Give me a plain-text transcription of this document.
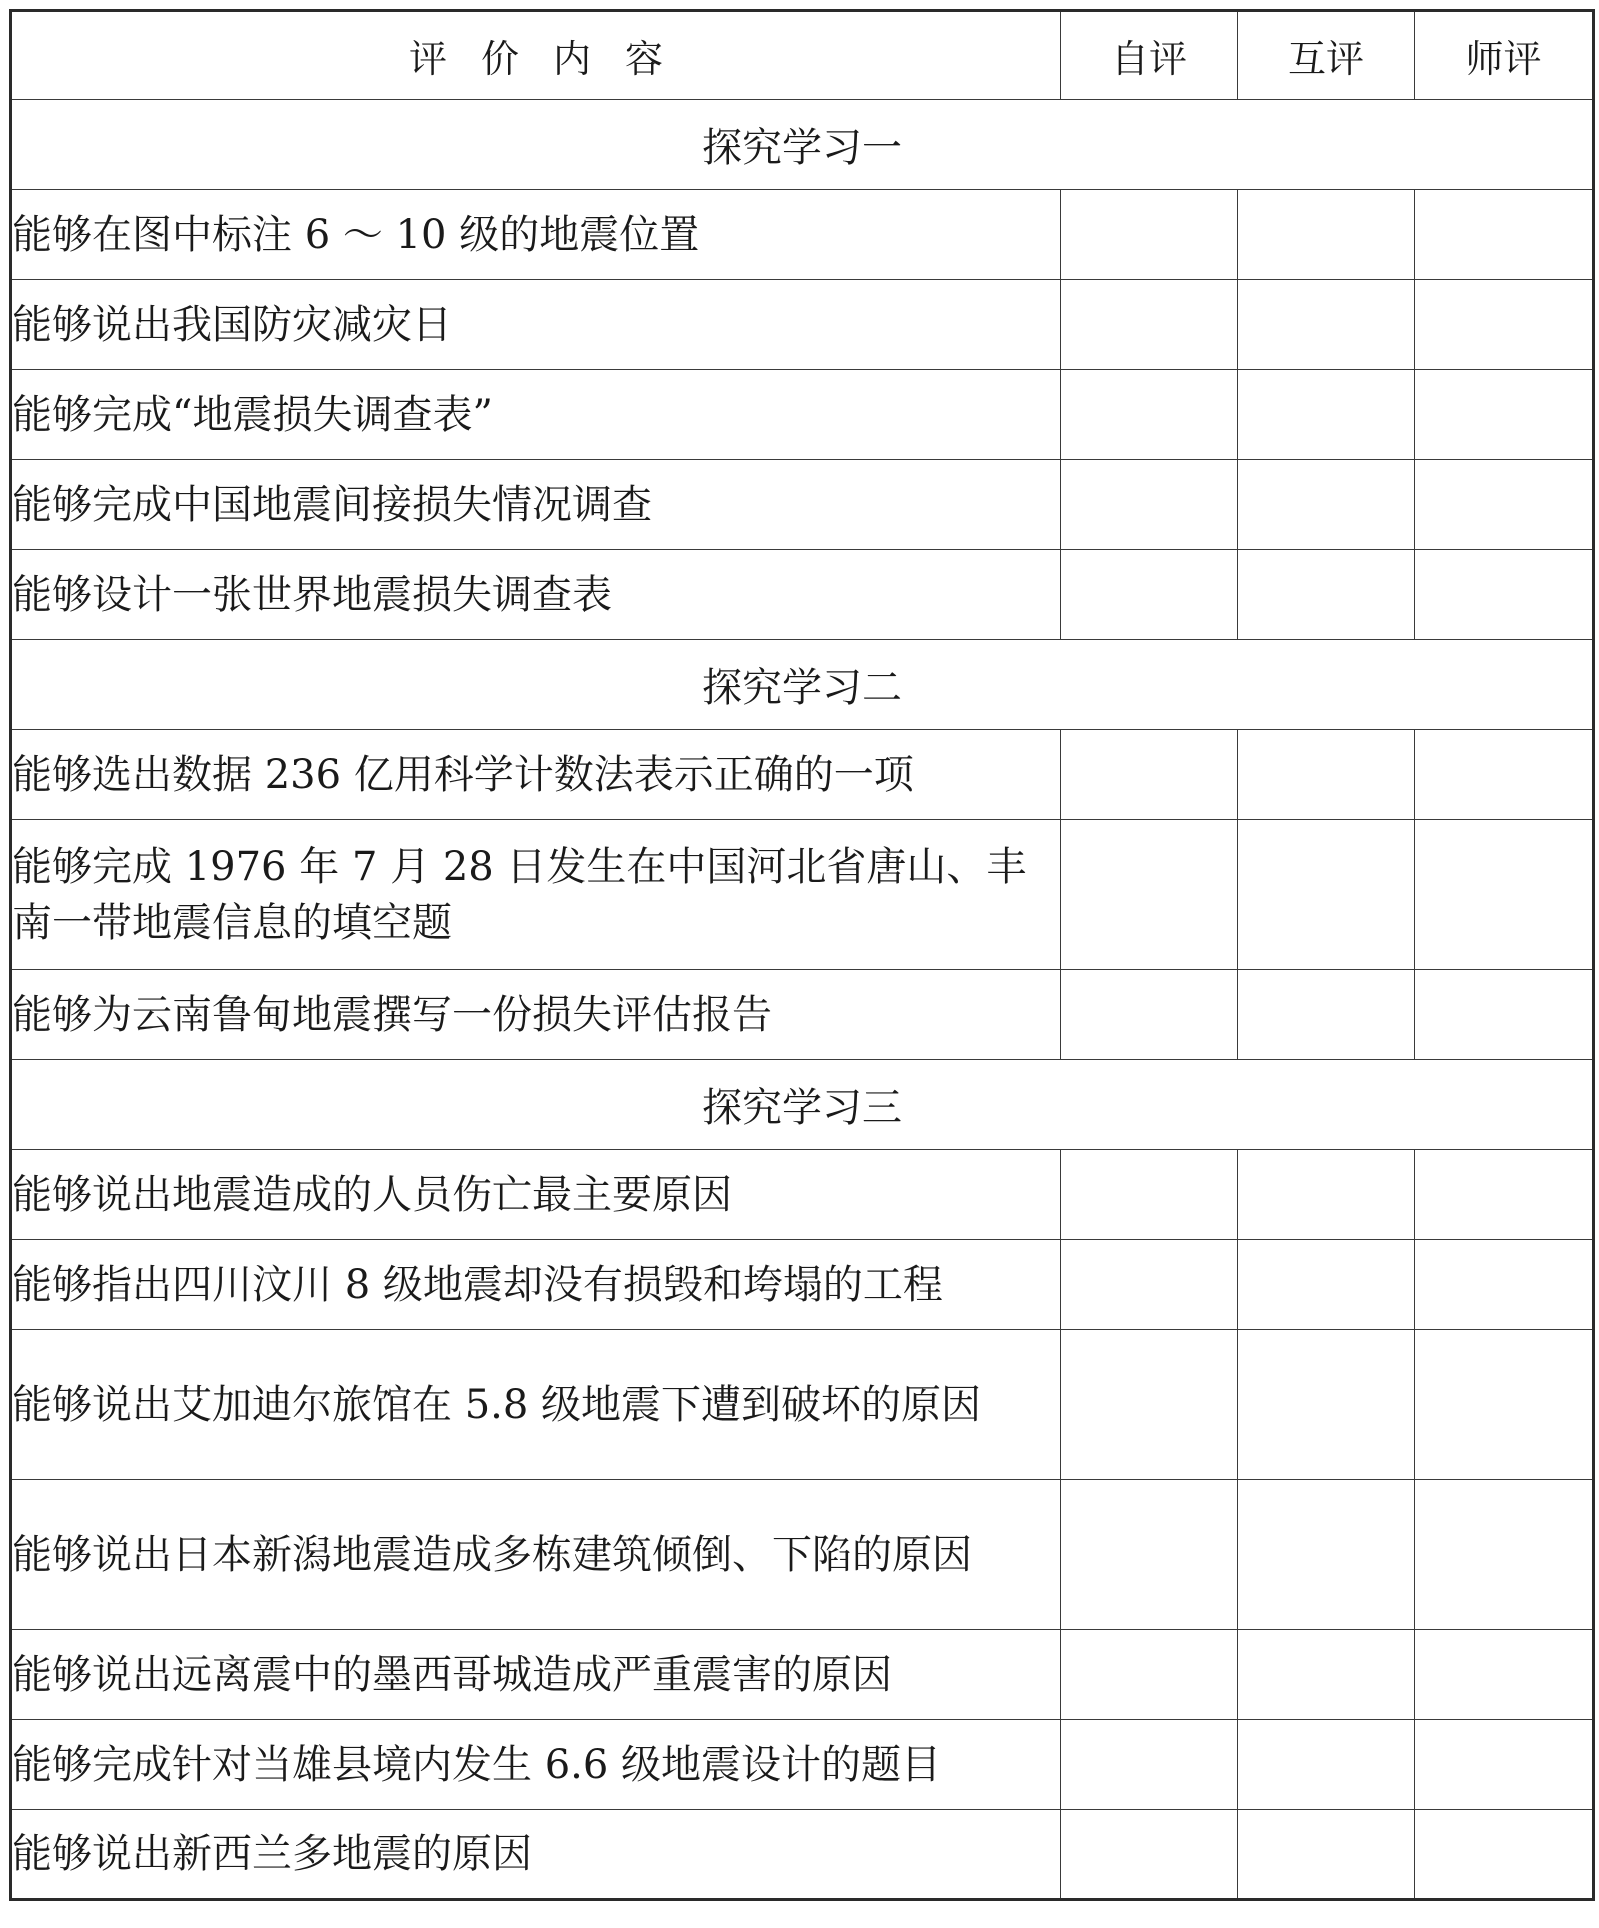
评价内容	自评	互评	师评
探究学习一			
能够在图中标注 6 ～ 10 级的地震位置			
能够说出我国防灾减灾日			
能够完成“地震损失调查表”			
能够完成中国地震间接损失情况调查			
能够设计一张世界地震损失调查表			
探究学习二			
能够选出数据 236 亿用科学计数法表示正确的一项			
能够完成 1976 年 7 月 28 日发生在中国河北省唐山、丰南一带地震信息的填空题			
能够为云南鲁甸地震撰写一份损失评估报告			
探究学习三			
能够说出地震造成的人员伤亡最主要原因			
能够指出四川汶川 8 级地震却没有损毁和垮塌的工程			
能够说出艾加迪尔旅馆在 5.8 级地震下遭到破坏的原因			
能够说出日本新潟地震造成多栋建筑倾倒、下陷的原因			
能够说出远离震中的墨西哥城造成严重震害的原因			
能够完成针对当雄县境内发生 6.6 级地震设计的题目			
能够说出新西兰多地震的原因			
